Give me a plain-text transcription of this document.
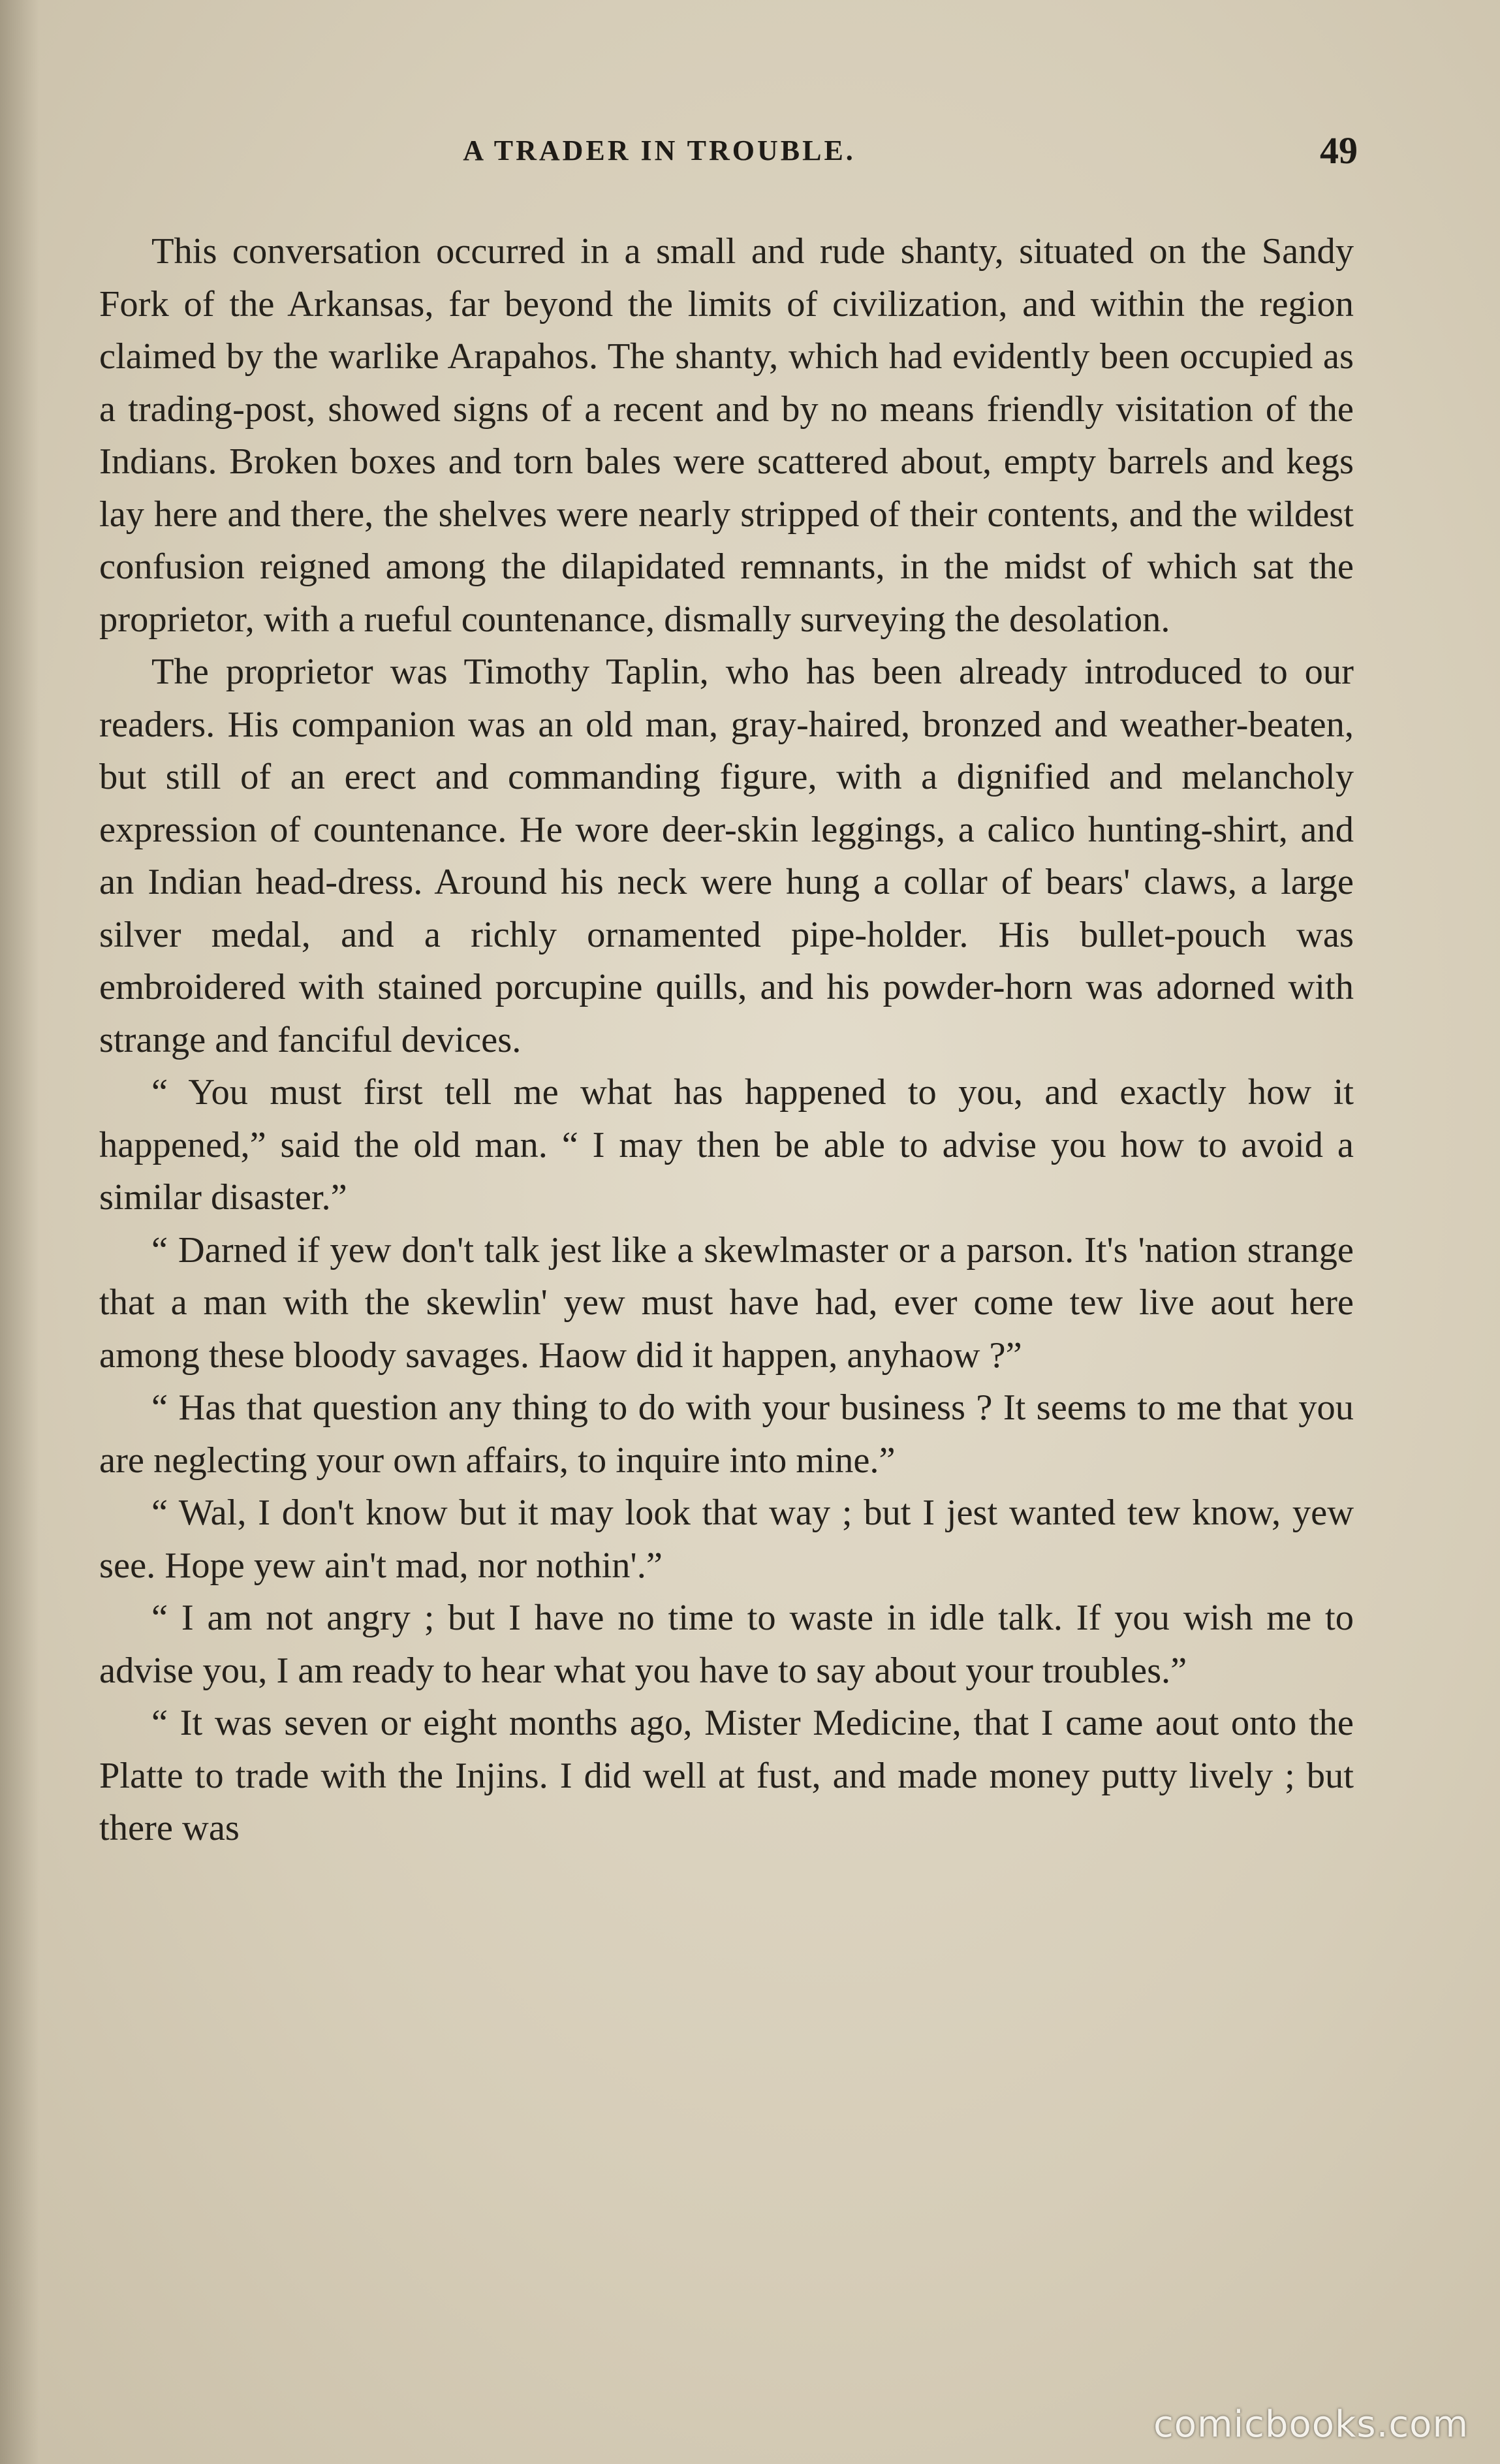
A TRADER IN TROUBLE.	49

This conversation occurred in a small and rude shanty, situated on the Sandy Fork of the Arkansas, far beyond the limits of civilization, and within the region claimed by the warlike Arapahos. The shanty, which had evidently been occupied as a trading-post, showed signs of a recent and by no means friendly visitation of the Indians. Broken boxes and torn bales were scattered about, empty barrels and kegs lay here and there, the shelves were nearly stripped of their contents, and the wildest confusion reigned among the dilapidated remnants, in the midst of which sat the proprietor, with a rueful countenance, dismally surveying the desolation.

The proprietor was Timothy Taplin, who has been already introduced to our readers. His companion was an old man, gray-haired, bronzed and weather-beaten, but still of an erect and commanding figure, with a dignified and melancholy expression of countenance. He wore deer-skin leggings, a calico hunting-shirt, and an Indian head-dress. Around his neck were hung a collar of bears' claws, a large silver medal, and a richly ornamented pipe-holder. His bullet-pouch was embroidered with stained porcupine quills, and his powder-horn was adorned with strange and fanciful devices.

“ You must first tell me what has happened to you, and exactly how it happened,” said the old man. “ I may then be able to advise you how to avoid a similar disaster.”

“ Darned if yew don't talk jest like a skewlmaster or a parson. It's 'nation strange that a man with the skewlin' yew must have had, ever come tew live aout here among these bloody savages. Haow did it happen, anyhaow ?”

“ Has that question any thing to do with your business ? It seems to me that you are neglecting your own affairs, to inquire into mine.”

“ Wal, I don't know but it may look that way ; but I jest wanted tew know, yew see. Hope yew ain't mad, nor nothin'.”

“ I am not angry ; but I have no time to waste in idle talk. If you wish me to advise you, I am ready to hear what you have to say about your troubles.”

“ It was seven or eight months ago, Mister Medicine, that I came aout onto the Platte to trade with the Injins. I did well at fust, and made money putty lively ; but there was

comicbooks.com
